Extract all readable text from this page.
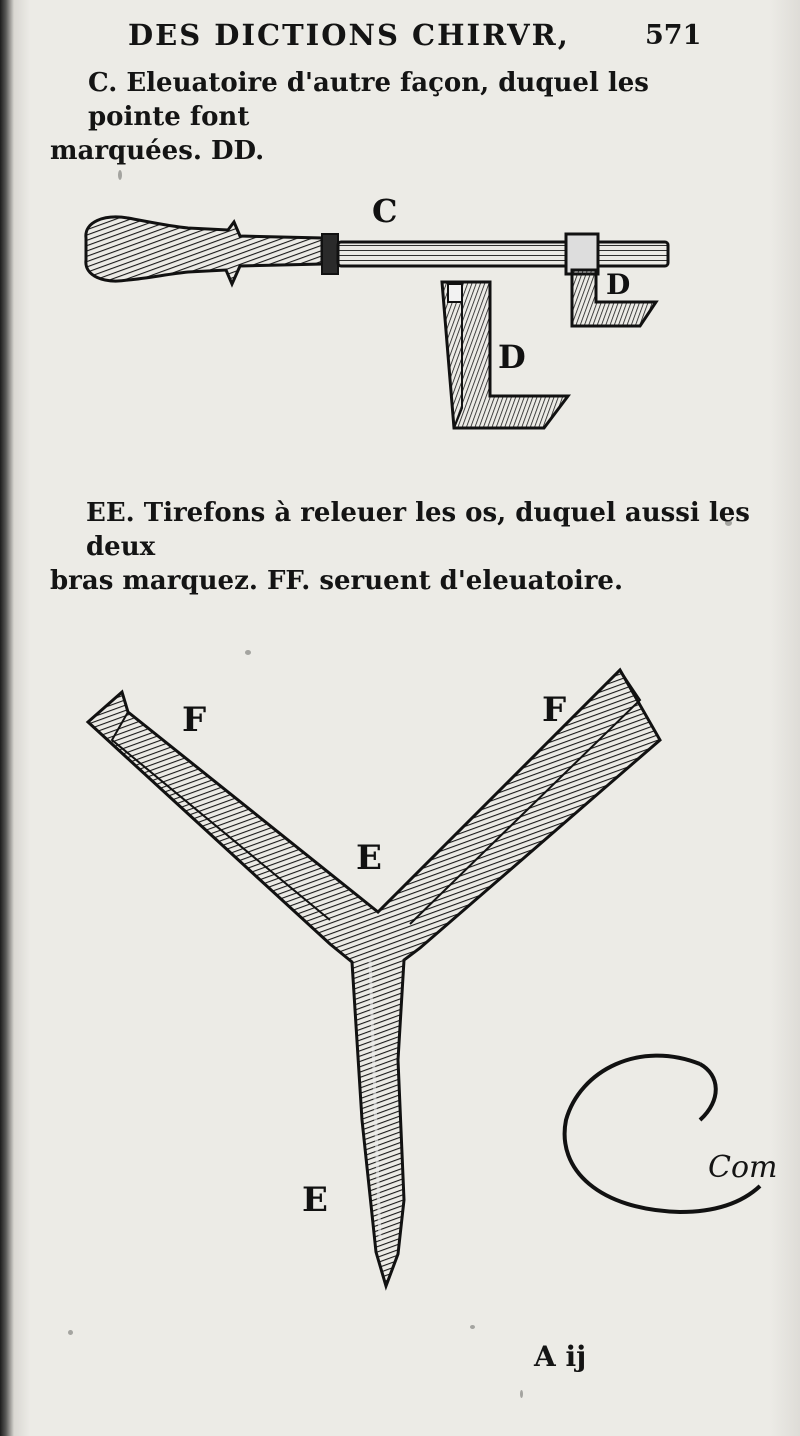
DES DICTIONS CHIRVR,	571
C. Eleuatoire d'autre façon, duquel les pointe font
marquées. DD.
EE. Tirefons à releuer les os, duquel aussi les deux
bras marquez. FF. seruent d'eleuatoire.
C
D
D
F	F
E
E
Com
A ij
